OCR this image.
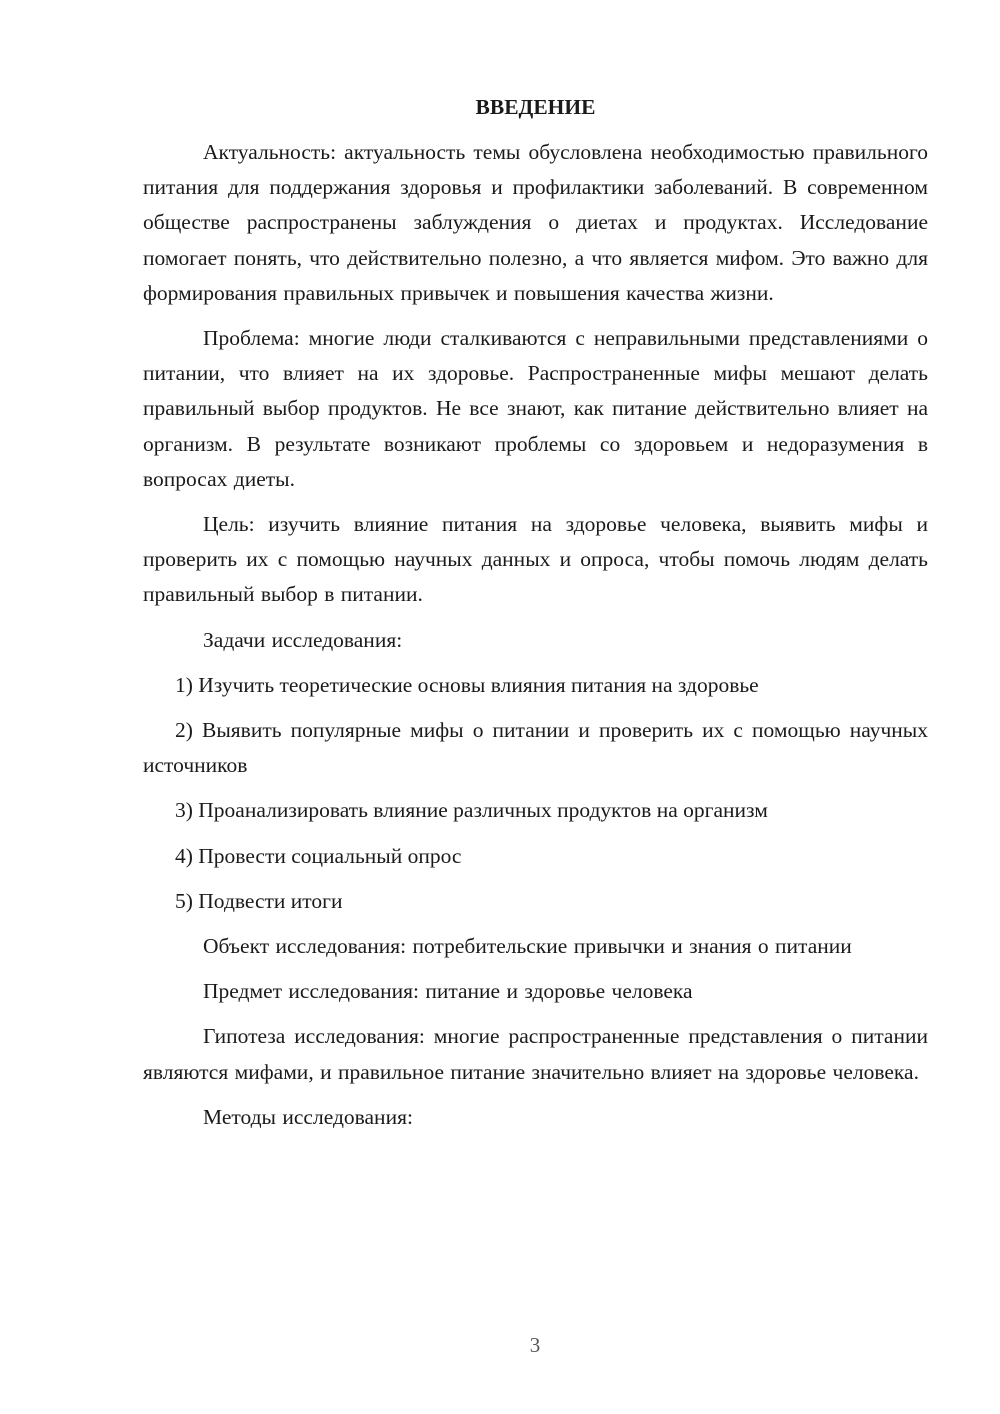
ВВЕДЕНИЕ

Актуальность: актуальность темы обусловлена необходимостью правильного питания для поддержания здоровья и профилактики заболеваний. В современном обществе распространены заблуждения о диетах и продуктах. Исследование помогает понять, что действительно полезно, а что является мифом. Это важно для формирования правильных привычек и повышения качества жизни.

Проблема: многие люди сталкиваются с неправильными представлениями о питании, что влияет на их здоровье. Распространенные мифы мешают делать правильный выбор продуктов. Не все знают, как питание действительно влияет на организм. В результате возникают проблемы со здоровьем и недоразумения в вопросах диеты.

Цель: изучить влияние питания на здоровье человека, выявить мифы и проверить их с помощью научных данных и опроса, чтобы помочь людям делать правильный выбор в питании.

Задачи исследования:

1) Изучить теоретические основы влияния питания на здоровье

2) Выявить популярные мифы о питании и проверить их с помощью научных источников

3) Проанализировать влияние различных продуктов на организм

4) Провести социальный опрос

5) Подвести итоги

Объект исследования: потребительские привычки и знания о питании

Предмет исследования: питание и здоровье человека

Гипотеза исследования: многие распространенные представления о питании являются мифами, и правильное питание значительно влияет на здоровье человека.

Методы исследования:

3
